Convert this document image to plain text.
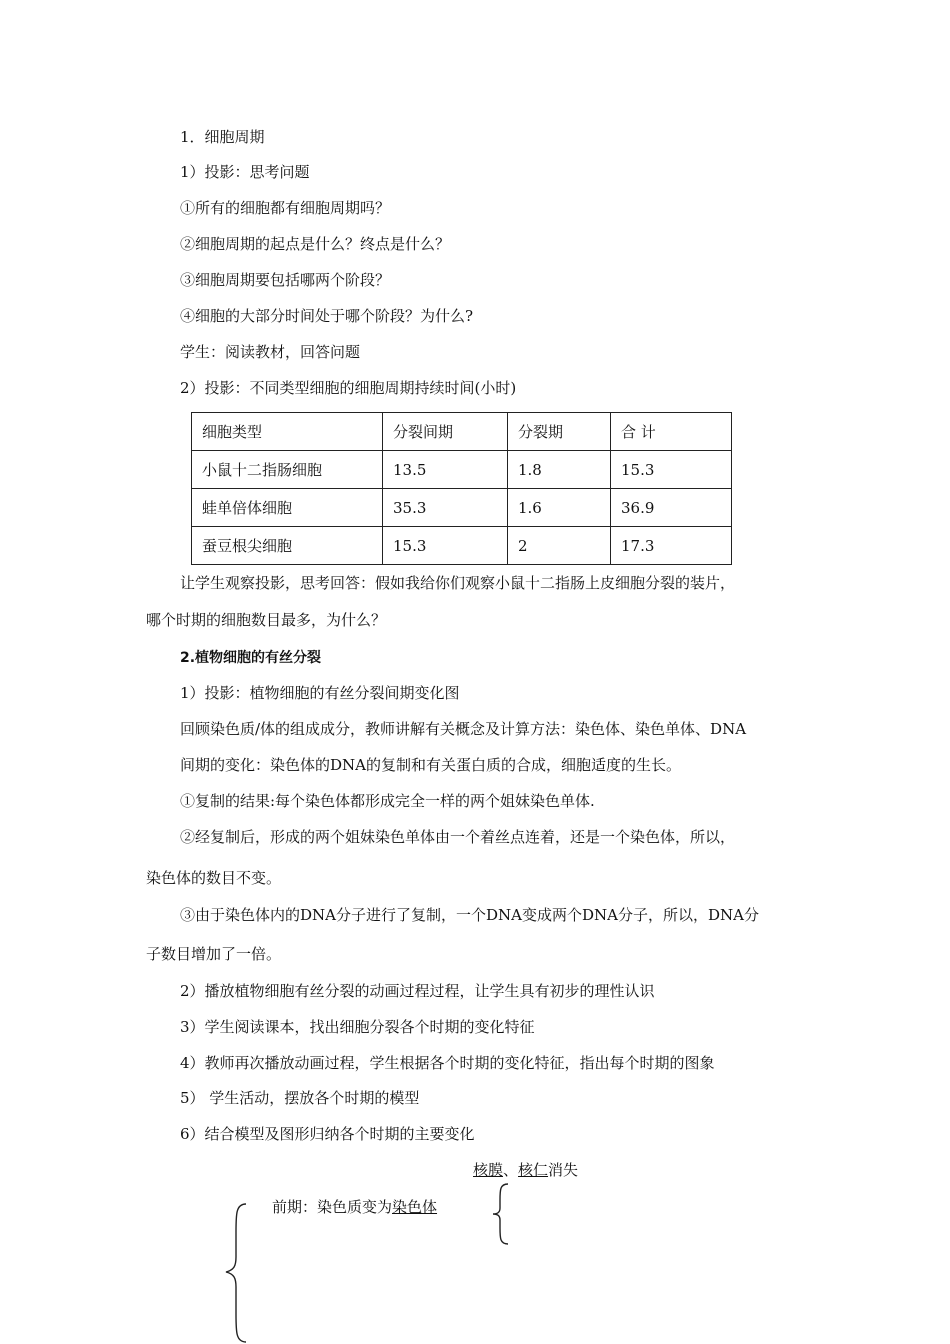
1．细胞周期
1）投影：思考问题
①所有的细胞都有细胞周期吗？
②细胞周期的起点是什么？终点是什么？
③细胞周期要包括哪两个阶段？
④细胞的大部分时间处于哪个阶段？为什么?
学生：阅读教材，回答问题
2）投影：不同类型细胞的细胞周期持续时间(小时)
细胞类型	分裂间期	分裂期	合 计
小鼠十二指肠细胞	13.5	1.8	15.3
蛙单倍体细胞	35.3	1.6	36.9
蚕豆根尖细胞	15.3	2	17.3
让学生观察投影，思考回答：假如我给你们观察小鼠十二指肠上皮细胞分裂的装片，
哪个时期的细胞数目最多，为什么？
2.植物细胞的有丝分裂
1）投影：植物细胞的有丝分裂间期变化图
回顾染色质/体的组成成分，教师讲解有关概念及计算方法：染色体、染色单体、DNA
间期的变化：染色体的DNA的复制和有关蛋白质的合成，细胞适度的生长。
①复制的结果:每个染色体都形成完全一样的两个姐妹染色单体.
②经复制后，形成的两个姐妹染色单体由一个着丝点连着，还是一个染色体，所以，
染色体的数目不变。
③由于染色体内的DNA分子进行了复制，一个DNA变成两个DNA分子，所以，DNA分
子数目增加了一倍。
2）播放植物细胞有丝分裂的动画过程过程，让学生具有初步的理性认识
3）学生阅读课本，找出细胞分裂各个时期的变化特征
4）教师再次播放动画过程，学生根据各个时期的变化特征，指出每个时期的图象
5） 学生活动，摆放各个时期的模型
6）结合模型及图形归纳各个时期的主要变化
核膜、核仁消失
前期：染色质变为染色体
